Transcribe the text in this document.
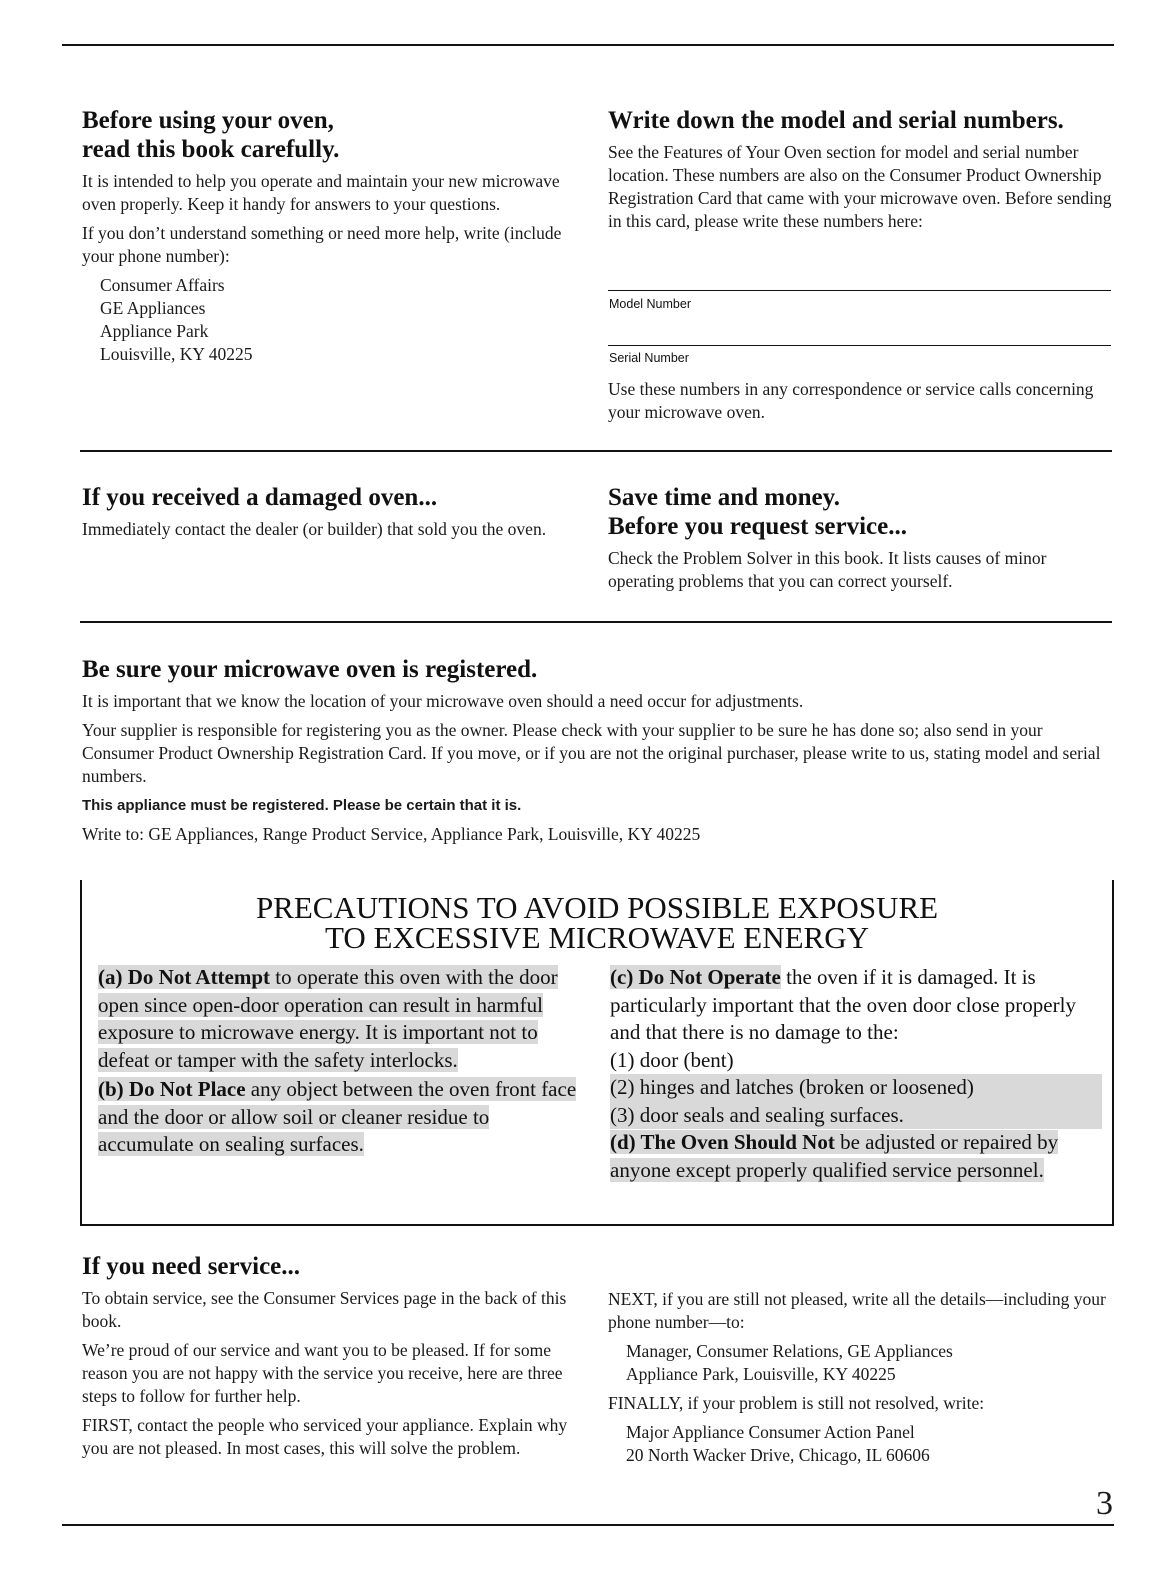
Before using your oven,
read this book carefully.

It is intended to help you operate and maintain your new microwave oven properly. Keep it handy for answers to your questions.

If you don’t understand something or need more help, write (include your phone number):

Consumer Affairs

GE Appliances

Appliance Park

Louisville, KY 40225

Write down the model and serial numbers.

See the Features of Your Oven section for model and serial number location. These numbers are also on the Consumer Product Ownership Registration Card that came with your microwave oven. Before sending in this card, please write these numbers here:

Model Number
Serial Number

Use these numbers in any correspondence or service calls concerning your microwave oven.

If you received a damaged oven...

Immediately contact the dealer (or builder) that sold you the oven.

Save time and money.
Before you request service...

Check the Problem Solver in this book. It lists causes of minor operating problems that you can correct yourself.

Be sure your microwave oven is registered.

It is important that we know the location of your microwave oven should a need occur for adjustments.

Your supplier is responsible for registering you as the owner. Please check with your supplier to be sure he has done so; also send in your Consumer Product Ownership Registration Card. If you move, or if you are not the original purchaser, please write to us, stating model and serial numbers.

This appliance must be registered. Please be certain that it is.

Write to: GE Appliances, Range Product Service, Appliance Park, Louisville, KY 40225

PRECAUTIONS TO AVOID POSSIBLE EXPOSURE
TO EXCESSIVE MICROWAVE ENERGY
(a) Do Not Attempt to operate this oven with the door open since open-door operation can result in harmful exposure to microwave energy. It is important not to defeat or tamper with the safety interlocks.
(b) Do Not Place any object between the oven front face and the door or allow soil or cleaner residue to accumulate on sealing surfaces.
(c) Do Not Operate the oven if it is damaged. It is particularly important that the oven door close properly and that there is no damage to the:
(1) door (bent)
(2) hinges and latches (broken or loosened)
(3) door seals and sealing surfaces.
(d) The Oven Should Not be adjusted or repaired by anyone except properly qualified service personnel.
If you need service...

To obtain service, see the Consumer Services page in the back of this book.

We’re proud of our service and want you to be pleased. If for some reason you are not happy with the service you receive, here are three steps to follow for further help.

FIRST, contact the people who serviced your appliance. Explain why you are not pleased. In most cases, this will solve the problem.

NEXT, if you are still not pleased, write all the details—including your phone number—to:

Manager, Consumer Relations, GE Appliances

Appliance Park, Louisville, KY 40225

FINALLY, if your problem is still not resolved, write:

Major Appliance Consumer Action Panel

20 North Wacker Drive, Chicago, IL 60606

3
